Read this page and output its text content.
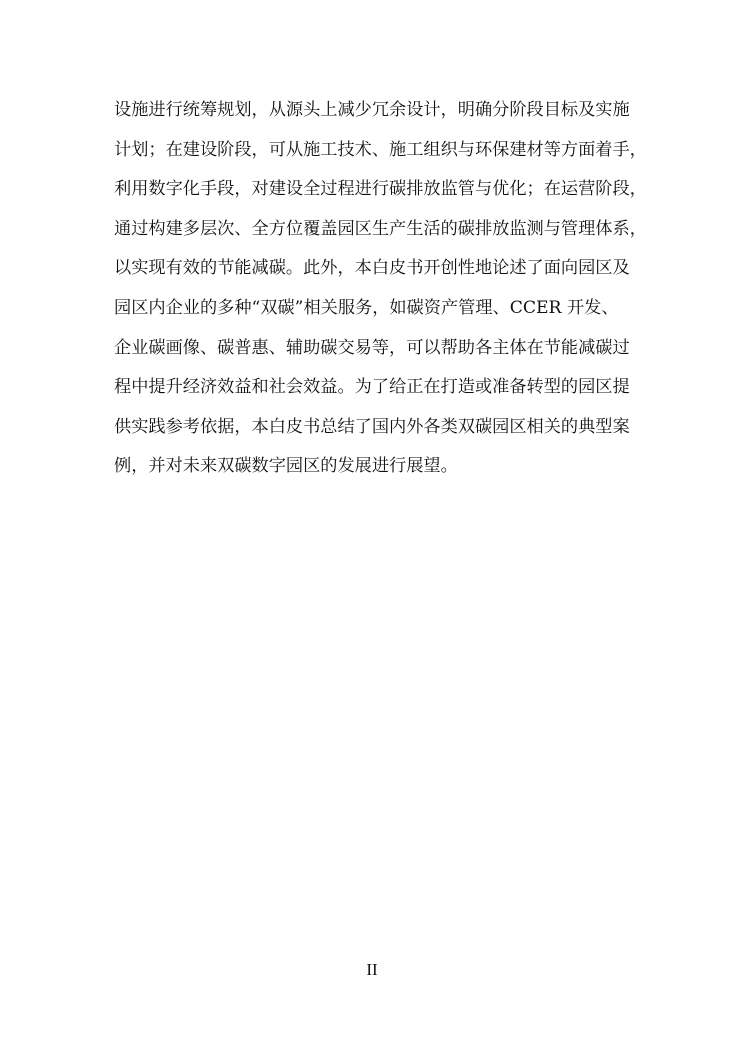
设施进行统筹规划，从源头上减少冗余设计，明确分阶段目标及实施
计划；在建设阶段，可从施工技术、施工组织与环保建材等方面着手，
利用数字化手段，对建设全过程进行碳排放监管与优化；在运营阶段，
通过构建多层次、全方位覆盖园区生产生活的碳排放监测与管理体系，
以实现有效的节能减碳。此外，本白皮书开创性地论述了面向园区及
园区内企业的多种“双碳”相关服务，如碳资产管理、CCER 开发、
企业碳画像、碳普惠、辅助碳交易等，可以帮助各主体在节能减碳过
程中提升经济效益和社会效益。为了给正在打造或准备转型的园区提
供实践参考依据，本白皮书总结了国内外各类双碳园区相关的典型案
例，并对未来双碳数字园区的发展进行展望。
II
